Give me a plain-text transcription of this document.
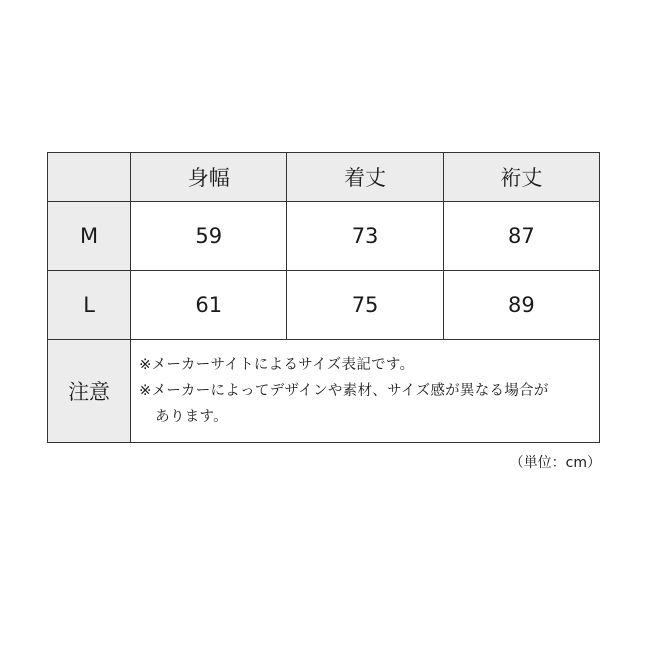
	身幅	着丈	裄丈
M	59	73	87
L	61	75	89
注意	※メーカーサイトによるサイズ表記です。
※メーカーによってデザインや素材、サイズ感が異なる場合が
あります。		
（単位：cm）
